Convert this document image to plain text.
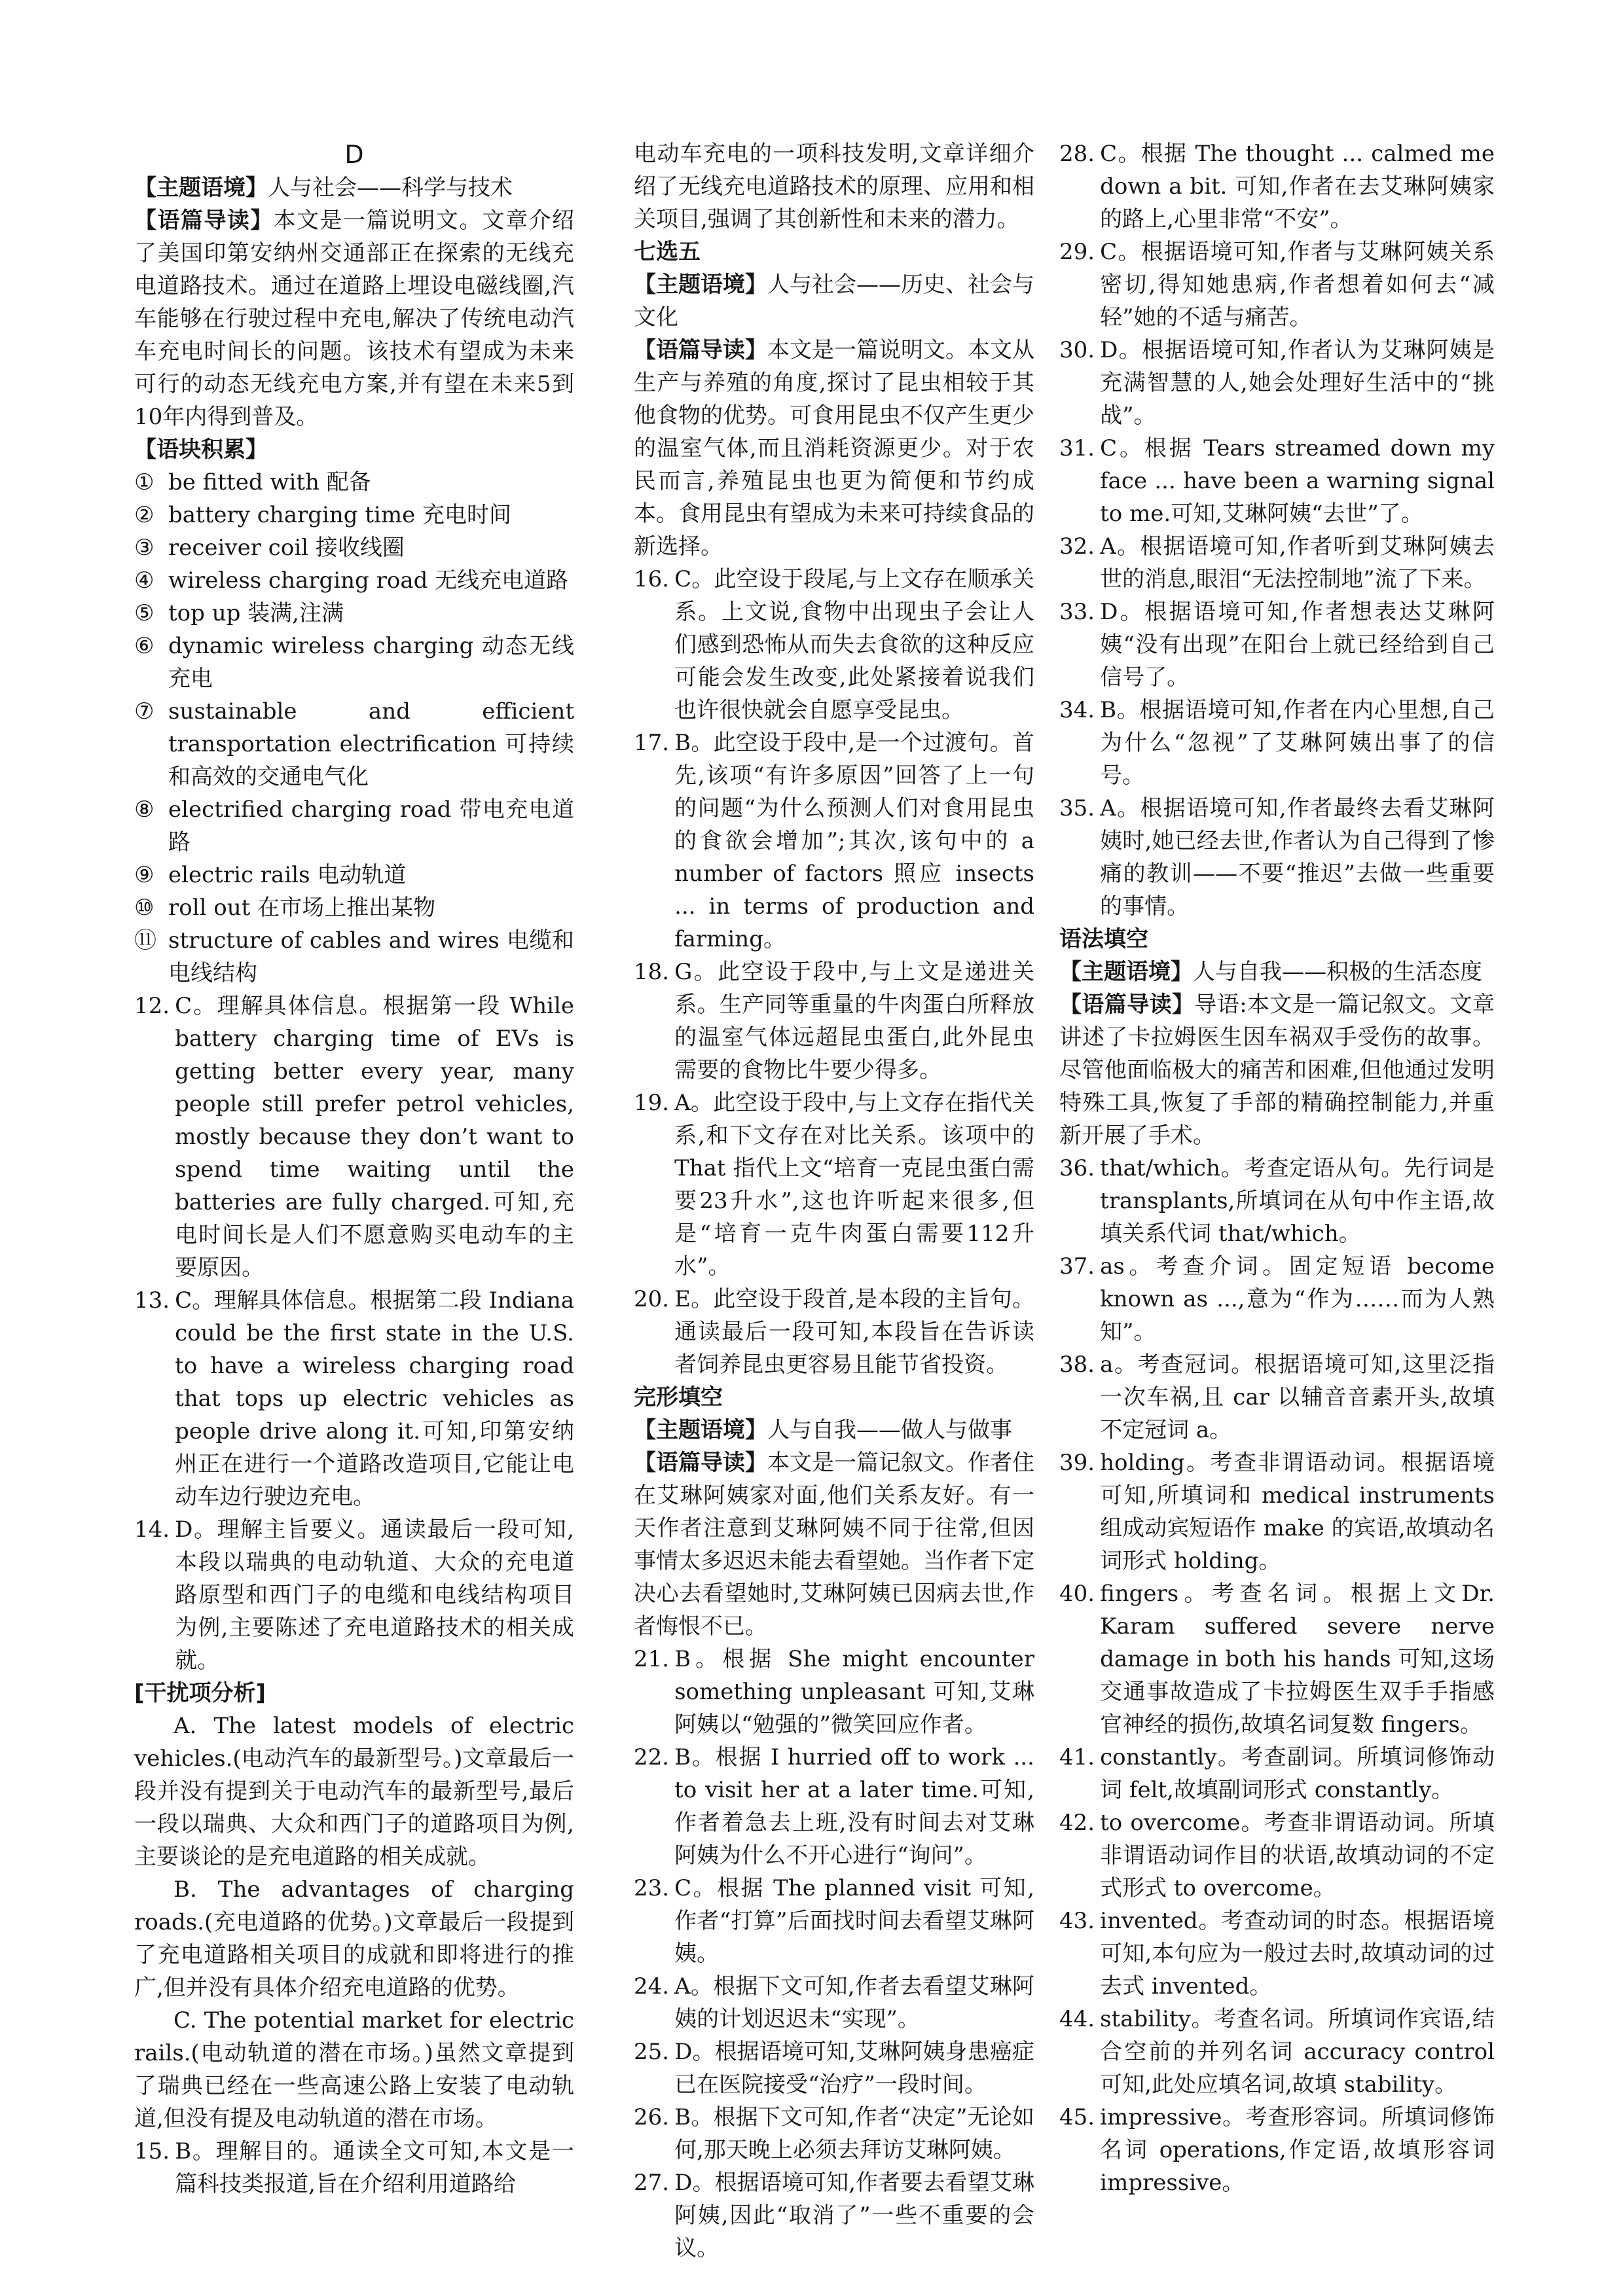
D

【主题语境】人与社会——科学与技术

【语篇导读】本文是一篇说明文。文章介绍了美国印第安纳州交通部正在探索的无线充电道路技术。通过在道路上埋设电磁线圈,汽车能够在行驶过程中充电,解决了传统电动汽车充电时间长的问题。该技术有望成为未来可行的动态无线充电方案,并有望在未来5到10年内得到普及。

【语块积累】
① be fitted with 配备
② battery charging time 充电时间
③ receiver coil 接收线圈
④ wireless charging road 无线充电道路
⑤ top up 装满,注满
⑥ dynamic wireless charging 动态无线充电
⑦ sustainable and efficient transportation electrification 可持续和高效的交通电气化
⑧ electrified charging road 带电充电道路
⑨ electric rails 电动轨道
⑩ roll out 在市场上推出某物
⑪ structure of cables and wires 电缆和电线结构
12. C。理解具体信息。根据第一段 While battery charging time of EVs is getting better every year, many people still prefer petrol vehicles, mostly because they don’t want to spend time waiting until the batteries are fully charged.可知,充电时间长是人们不愿意购买电动车的主要原因。
13. C。理解具体信息。根据第二段 Indiana could be the first state in the U.S. to have a wireless charging road that tops up electric vehicles as people drive along it.可知,印第安纳州正在进行一个道路改造项目,它能让电动车边行驶边充电。
14. D。理解主旨要义。通读最后一段可知,本段以瑞典的电动轨道、大众的充电道路原型和西门子的电缆和电线结构项目为例,主要陈述了充电道路技术的相关成就。
[干扰项分析]

A. The latest models of electric vehicles.(电动汽车的最新型号。)文章最后一段并没有提到关于电动汽车的最新型号,最后一段以瑞典、大众和西门子的道路项目为例,主要谈论的是充电道路的相关成就。

B. The advantages of charging roads.(充电道路的优势。)文章最后一段提到了充电道路相关项目的成就和即将进行的推广,但并没有具体介绍充电道路的优势。

C. The potential market for electric rails.(电动轨道的潜在市场。)虽然文章提到了瑞典已经在一些高速公路上安装了电动轨道,但没有提及电动轨道的潜在市场。

15. B。理解目的。通读全文可知,本文是一篇科技类报道,旨在介绍利用道路给

电动车充电的一项科技发明,文章详细介绍了无线充电道路技术的原理、应用和相关项目,强调了其创新性和未来的潜力。

七选五

【主题语境】人与社会——历史、社会与文化

【语篇导读】本文是一篇说明文。本文从生产与养殖的角度,探讨了昆虫相较于其他食物的优势。可食用昆虫不仅产生更少的温室气体,而且消耗资源更少。对于农民而言,养殖昆虫也更为简便和节约成本。食用昆虫有望成为未来可持续食品的新选择。

16. C。此空设于段尾,与上文存在顺承关系。上文说,食物中出现虫子会让人们感到恐怖从而失去食欲的这种反应可能会发生改变,此处紧接着说我们也许很快就会自愿享受昆虫。
17. B。此空设于段中,是一个过渡句。首先,该项“有许多原因”回答了上一句的问题“为什么预测人们对食用昆虫的食欲会增加”;其次,该句中的 a number of factors 照应 insects ... in terms of production and farming。
18. G。此空设于段中,与上文是递进关系。生产同等重量的牛肉蛋白所释放的温室气体远超昆虫蛋白,此外昆虫需要的食物比牛要少得多。
19. A。此空设于段中,与上文存在指代关系,和下文存在对比关系。该项中的 That 指代上文“培育一克昆虫蛋白需要23升水”,这也许听起来很多,但是“培育一克牛肉蛋白需要112升水”。
20. E。此空设于段首,是本段的主旨句。通读最后一段可知,本段旨在告诉读者饲养昆虫更容易且能节省投资。
完形填空

【主题语境】人与自我——做人与做事

【语篇导读】本文是一篇记叙文。作者住在艾琳阿姨家对面,他们关系友好。有一天作者注意到艾琳阿姨不同于往常,但因事情太多迟迟未能去看望她。当作者下定决心去看望她时,艾琳阿姨已因病去世,作者悔恨不已。

21. B。根据 She might encounter something unpleasant 可知,艾琳阿姨以“勉强的”微笑回应作者。
22. B。根据 I hurried off to work ... to visit her at a later time.可知,作者着急去上班,没有时间去对艾琳阿姨为什么不开心进行“询问”。
23. C。根据 The planned visit 可知,作者“打算”后面找时间去看望艾琳阿姨。
24. A。根据下文可知,作者去看望艾琳阿姨的计划迟迟未“实现”。
25. D。根据语境可知,艾琳阿姨身患癌症已在医院接受“治疗”一段时间。
26. B。根据下文可知,作者“决定”无论如何,那天晚上必须去拜访艾琳阿姨。
27. D。根据语境可知,作者要去看望艾琳阿姨,因此“取消了”一些不重要的会议。
28. C。根据 The thought ... calmed me down a bit. 可知,作者在去艾琳阿姨家的路上,心里非常“不安”。
29. C。根据语境可知,作者与艾琳阿姨关系密切,得知她患病,作者想着如何去“减轻”她的不适与痛苦。
30. D。根据语境可知,作者认为艾琳阿姨是充满智慧的人,她会处理好生活中的“挑战”。
31. C。根据 Tears streamed down my face ... have been a warning signal to me.可知,艾琳阿姨“去世”了。
32. A。根据语境可知,作者听到艾琳阿姨去世的消息,眼泪“无法控制地”流了下来。
33. D。根据语境可知,作者想表达艾琳阿姨“没有出现”在阳台上就已经给到自己信号了。
34. B。根据语境可知,作者在内心里想,自己为什么“忽视”了艾琳阿姨出事了的信号。
35. A。根据语境可知,作者最终去看艾琳阿姨时,她已经去世,作者认为自己得到了惨痛的教训——不要“推迟”去做一些重要的事情。
语法填空

【主题语境】人与自我——积极的生活态度

【语篇导读】导语:本文是一篇记叙文。文章讲述了卡拉姆医生因车祸双手受伤的故事。尽管他面临极大的痛苦和困难,但他通过发明特殊工具,恢复了手部的精确控制能力,并重新开展了手术。

36. that/which。考查定语从句。先行词是 transplants,所填词在从句中作主语,故填关系代词 that/which。
37. as。考查介词。固定短语 become known as ...,意为“作为……而为人熟知”。
38. a。考查冠词。根据语境可知,这里泛指一次车祸,且 car 以辅音音素开头,故填不定冠词 a。
39. holding。考查非谓语动词。根据语境可知,所填词和 medical instruments 组成动宾短语作 make 的宾语,故填动名词形式 holding。
40. fingers。考查名词。根据上文Dr. Karam suffered severe nerve damage in both his hands 可知,这场交通事故造成了卡拉姆医生双手手指感官神经的损伤,故填名词复数 fingers。
41. constantly。考查副词。所填词修饰动词 felt,故填副词形式 constantly。
42. to overcome。考查非谓语动词。所填非谓语动词作目的状语,故填动词的不定式形式 to overcome。
43. invented。考查动词的时态。根据语境可知,本句应为一般过去时,故填动词的过去式 invented。
44. stability。考查名词。所填词作宾语,结合空前的并列名词 accuracy control 可知,此处应填名词,故填 stability。
45. impressive。考查形容词。所填词修饰名词 operations,作定语,故填形容词 impressive。
